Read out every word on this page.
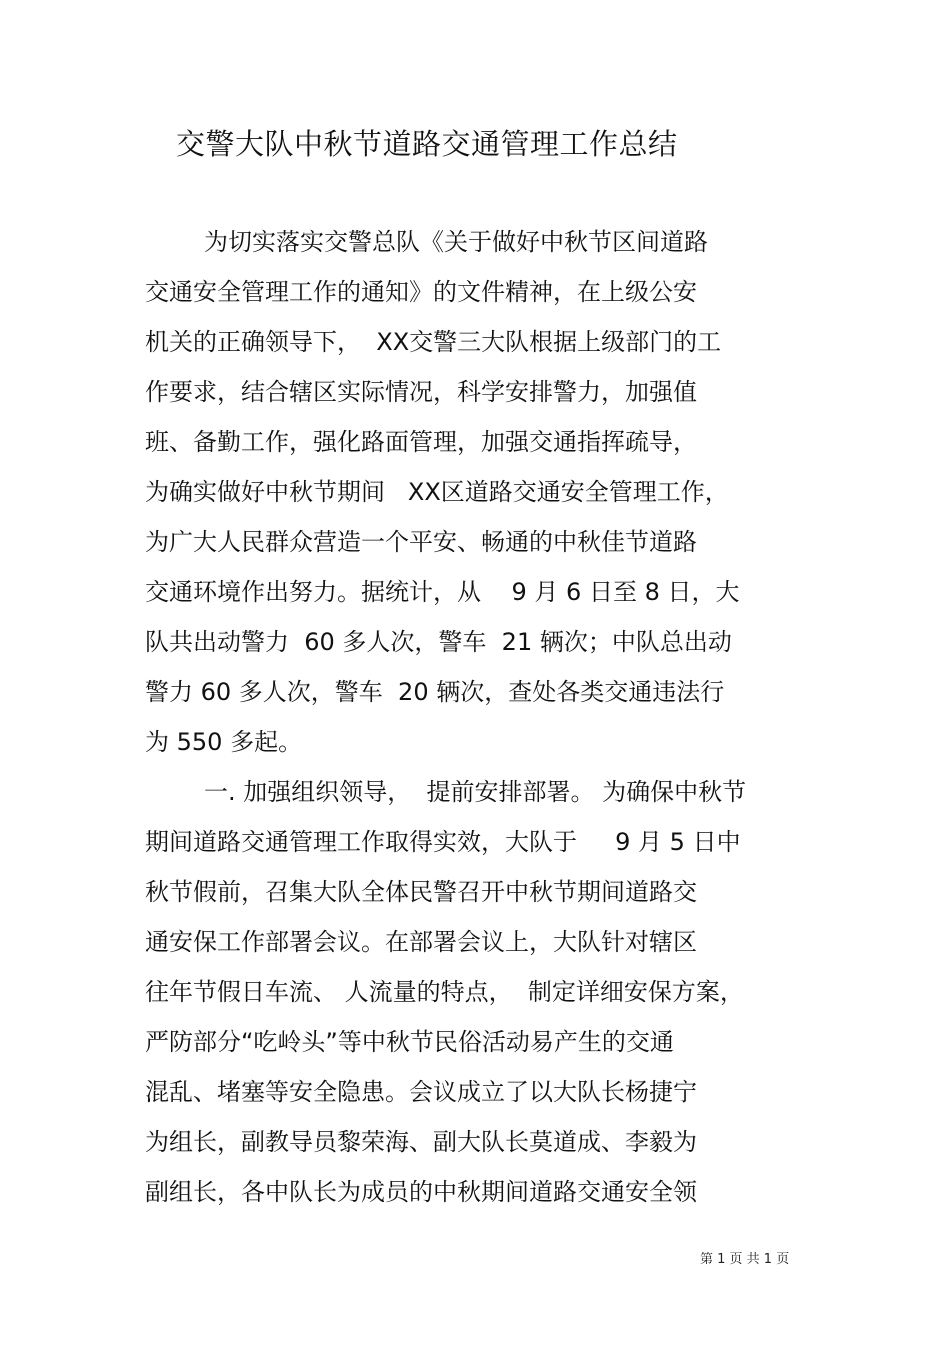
交警大队中秋节道路交通管理工作总结
为切实落实交警总队《关于做好中秋节区间道路
交通安全管理工作的通知》的文件精神，在上级公安
机关的正确领导下，  XX交警三大队根据上级部门的工
作要求，结合辖区实际情况，科学安排警力，加强值
班、备勤工作，强化路面管理，加强交通指挥疏导，
为确实做好中秋节期间   XX区道路交通安全管理工作，
为广大人民群众营造一个平安、畅通的中秋佳节道路
交通环境作出努力。据统计，从    9 月 6 日至 8 日，大
队共出动警力  60 多人次，警车  21 辆次；中队总出动
警力 60 多人次，警车  20 辆次，查处各类交通违法行
为 550 多起。
一. 加强组织领导，  提前安排部署。 为确保中秋节
期间道路交通管理工作取得实效，大队于     9 月 5 日中
秋节假前，召集大队全体民警召开中秋节期间道路交
通安保工作部署会议。在部署会议上，大队针对辖区
往年节假日车流、 人流量的特点，  制定详细安保方案，
严防部分“吃岭头”等中秋节民俗活动易产生的交通
混乱、堵塞等安全隐患。会议成立了以大队长杨捷宁
为组长，副教导员黎荣海、副大队长莫道成、李毅为
副组长，各中队长为成员的中秋期间道路交通安全领
第 1 页 共 1 页
